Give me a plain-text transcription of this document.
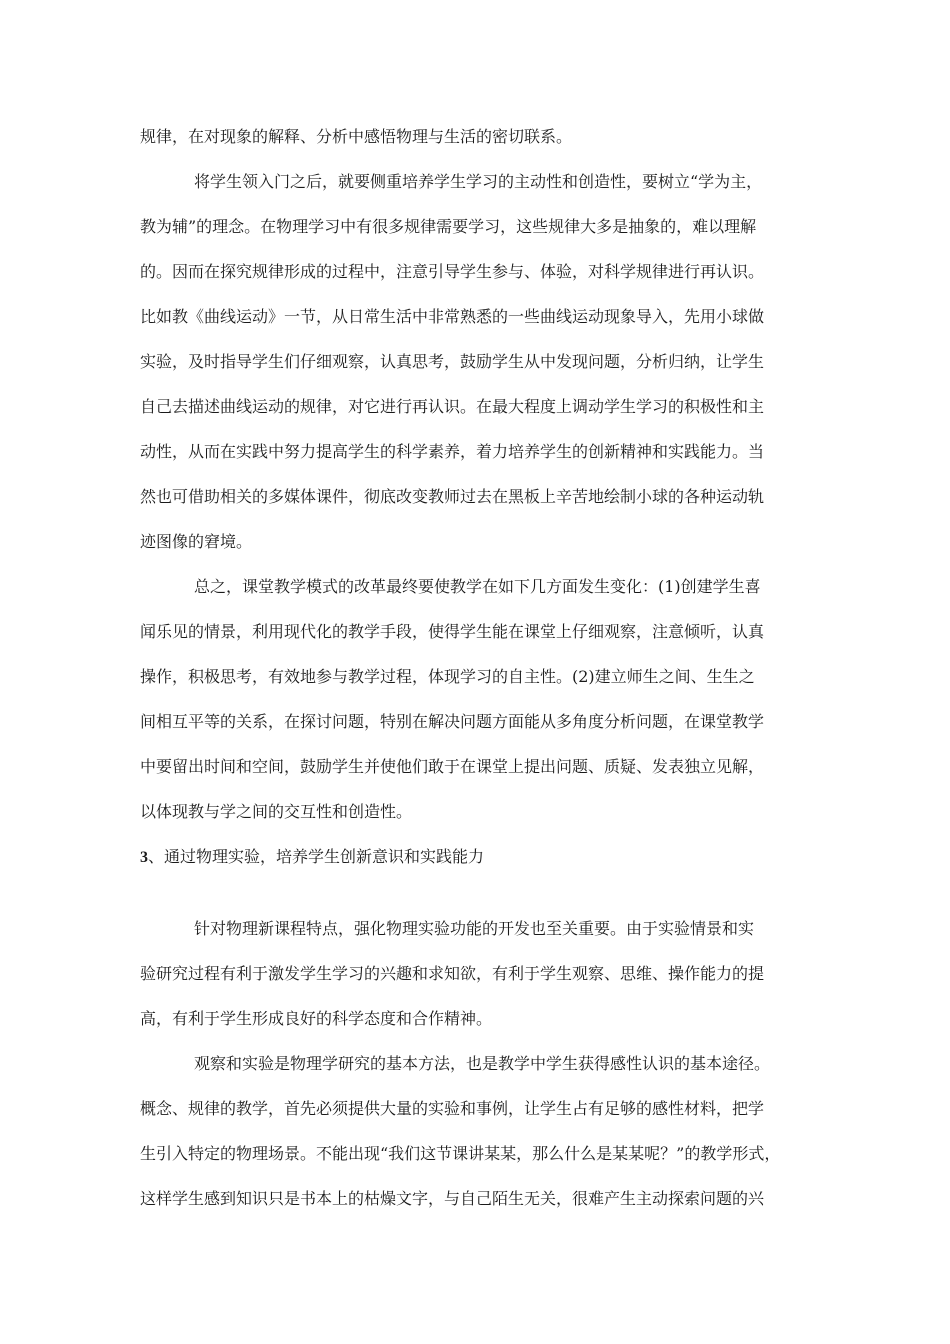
规律，在对现象的解释、分析中感悟物理与生活的密切联系。
将学生领入门之后，就要侧重培养学生学习的主动性和创造性，要树立“学为主，
教为辅”的理念。在物理学习中有很多规律需要学习，这些规律大多是抽象的，难以理解
的。因而在探究规律形成的过程中，注意引导学生参与、体验，对科学规律进行再认识。
比如教《曲线运动》一节，从日常生活中非常熟悉的一些曲线运动现象导入，先用小球做
实验，及时指导学生们仔细观察，认真思考，鼓励学生从中发现问题，分析归纳，让学生
自己去描述曲线运动的规律，对它进行再认识。在最大程度上调动学生学习的积极性和主
动性，从而在实践中努力提高学生的科学素养，着力培养学生的创新精神和实践能力。当
然也可借助相关的多媒体课件，彻底改变教师过去在黑板上辛苦地绘制小球的各种运动轨
迹图像的窘境。
总之，课堂教学模式的改革最终要使教学在如下几方面发生变化：(1)创建学生喜
闻乐见的情景，利用现代化的教学手段，使得学生能在课堂上仔细观察，注意倾听，认真
操作，积极思考，有效地参与教学过程，体现学习的自主性。(2)建立师生之间、生生之
间相互平等的关系，在探讨问题，特别在解决问题方面能从多角度分析问题，在课堂教学
中要留出时间和空间，鼓励学生并使他们敢于在课堂上提出问题、质疑、发表独立见解，
以体现教与学之间的交互性和创造性。
3、通过物理实验，培养学生创新意识和实践能力
针对物理新课程特点，强化物理实验功能的开发也至关重要。由于实验情景和实
验研究过程有利于激发学生学习的兴趣和求知欲，有利于学生观察、思维、操作能力的提
高，有利于学生形成良好的科学态度和合作精神。
观察和实验是物理学研究的基本方法，也是教学中学生获得感性认识的基本途径。
概念、规律的教学，首先必须提供大量的实验和事例，让学生占有足够的感性材料，把学
生引入特定的物理场景。不能出现“我们这节课讲某某，那么什么是某某呢？”的教学形式，
这样学生感到知识只是书本上的枯燥文字，与自己陌生无关，很难产生主动探索问题的兴
